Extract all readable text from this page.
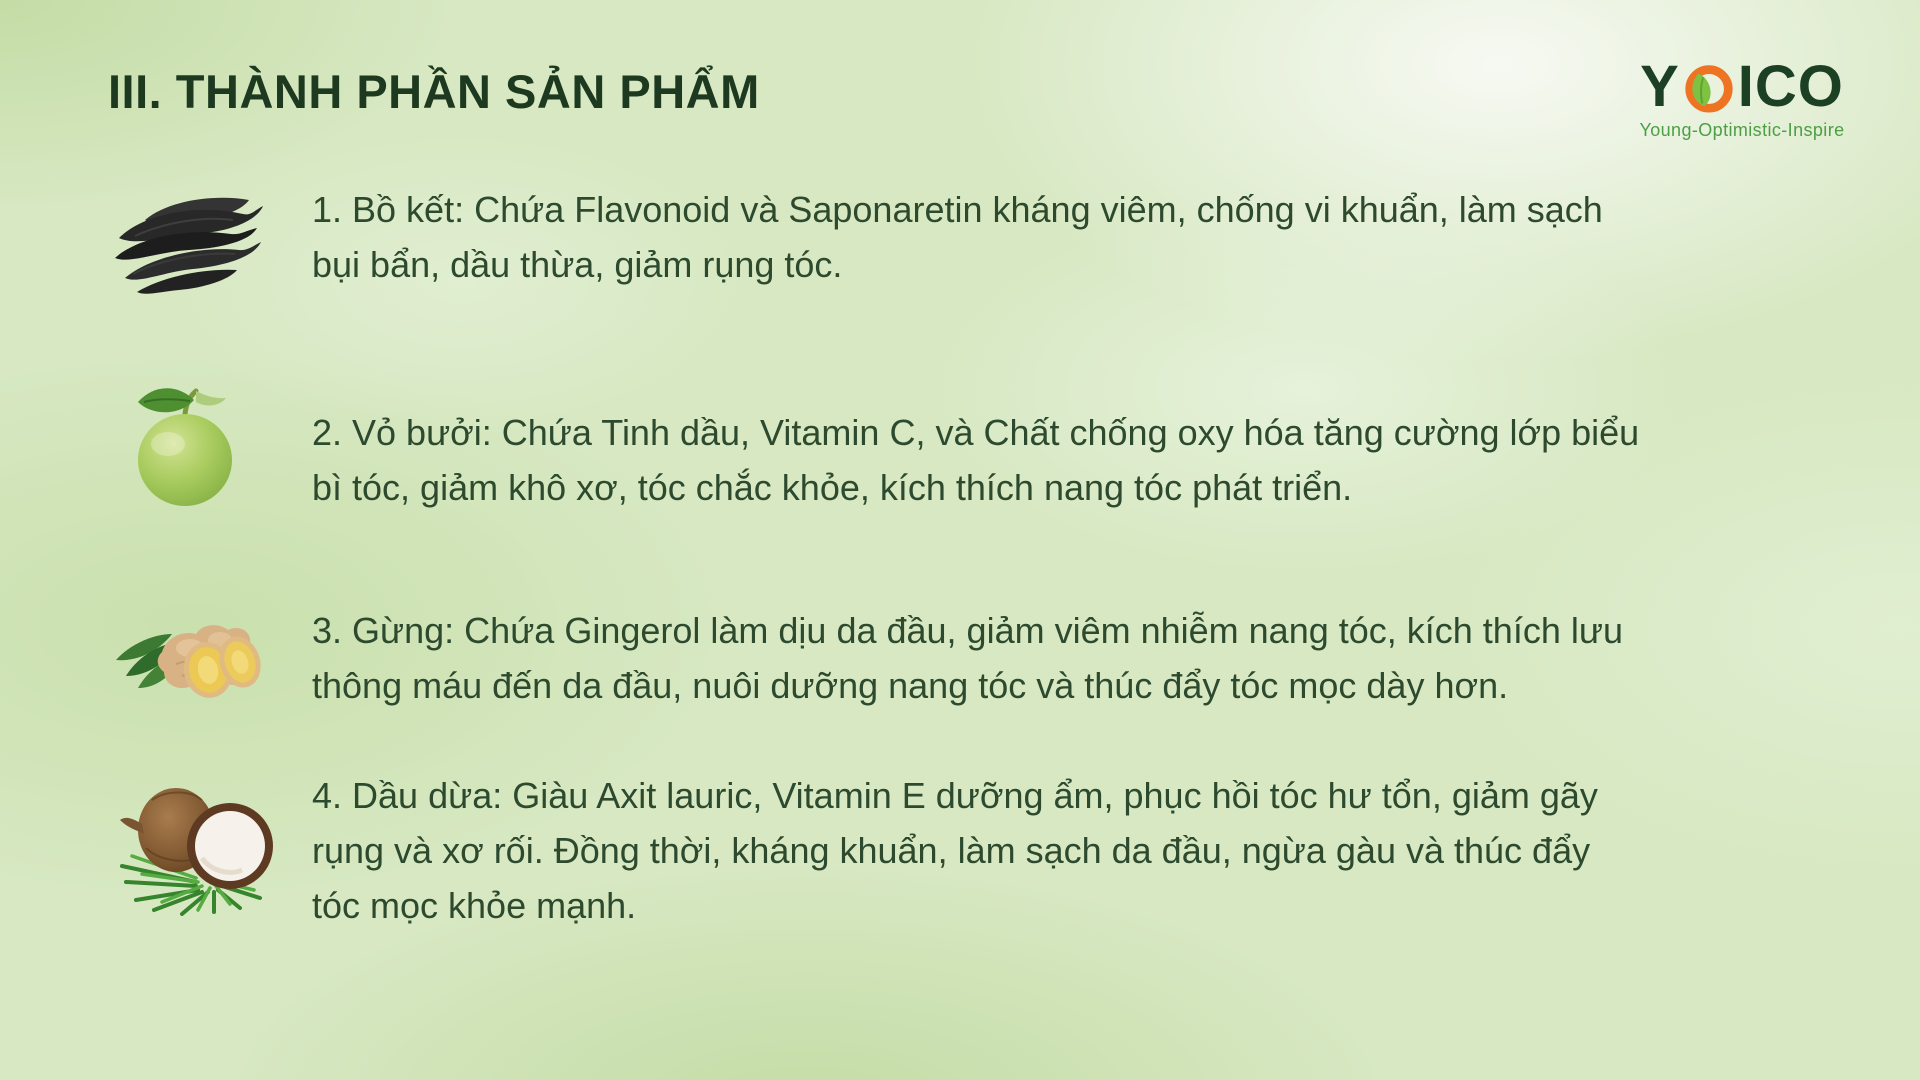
III. THÀNH PHẦN SẢN PHẨM	Y ICO
Young-Optimistic-Inspire
1. Bồ kết: Chứa Flavonoid và Saponaretin kháng viêm, chống vi khuẩn, làm sạch
bụi bẩn, dầu thừa, giảm rụng tóc.
2. Vỏ bưởi: Chứa Tinh dầu, Vitamin C, và Chất chống oxy hóa tăng cường lớp biểu
bì tóc, giảm khô xơ, tóc chắc khỏe, kích thích nang tóc phát triển.
3. Gừng: Chứa Gingerol làm dịu da đầu, giảm viêm nhiễm nang tóc, kích thích lưu
thông máu đến da đầu, nuôi dưỡng nang tóc và thúc đẩy tóc mọc dày hơn.
4. Dầu dừa: Giàu Axit lauric, Vitamin E dưỡng ẩm, phục hồi tóc hư tổn, giảm gãy
rụng và xơ rối. Đồng thời, kháng khuẩn, làm sạch da đầu, ngừa gàu và thúc đẩy
tóc mọc khỏe mạnh.
